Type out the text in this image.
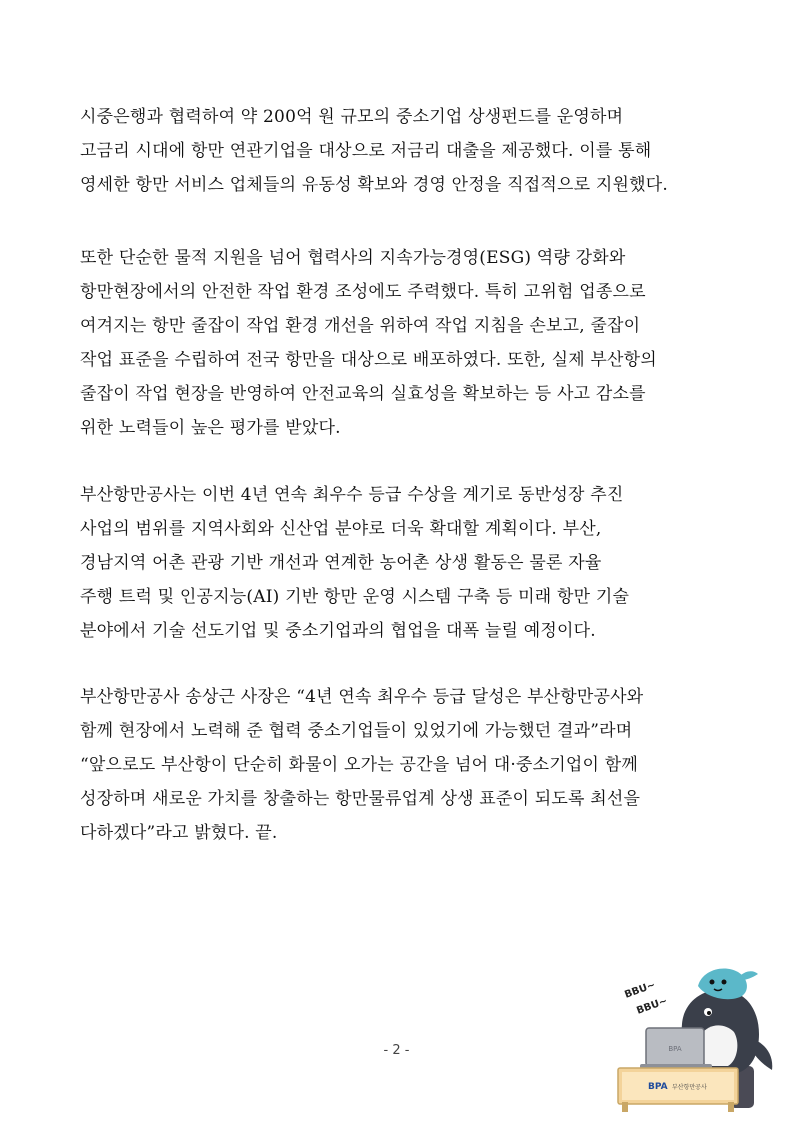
시중은행과 협력하여 약 200억 원 규모의 중소기업 상생펀드를 운영하며
고금리 시대에 항만 연관기업을 대상으로 저금리 대출을 제공했다. 이를 통해
영세한 항만 서비스 업체들의 유동성 확보와 경영 안정을 직접적으로 지원했다.
또한 단순한 물적 지원을 넘어 협력사의 지속가능경영(ESG) 역량 강화와
항만현장에서의 안전한 작업 환경 조성에도 주력했다. 특히 고위험 업종으로
여겨지는 항만 줄잡이 작업 환경 개선을 위하여 작업 지침을 손보고, 줄잡이
작업 표준을 수립하여 전국 항만을 대상으로 배포하였다. 또한, 실제 부산항의
줄잡이 작업 현장을 반영하여 안전교육의 실효성을 확보하는 등 사고 감소를
위한 노력들이 높은 평가를 받았다.
부산항만공사는 이번 4년 연속 최우수 등급 수상을 계기로 동반성장 추진
사업의 범위를 지역사회와 신산업 분야로 더욱 확대할 계획이다. 부산,
경남지역 어촌 관광 기반 개선과 연계한 농어촌 상생 활동은 물론 자율
주행 트럭 및 인공지능(AI) 기반 항만 운영 시스템 구축 등 미래 항만 기술
분야에서 기술 선도기업 및 중소기업과의 협업을 대폭 늘릴 예정이다.
부산항만공사 송상근 사장은 “4년 연속 최우수 등급 달성은 부산항만공사와
함께 현장에서 노력해 준 협력 중소기업들이 있었기에 가능했던 결과”라며
“앞으로도 부산항이 단순히 화물이 오가는 공간을 넘어 대·중소기업이 함께
성장하며 새로운 가치를 창출하는 항만물류업계 상생 표준이 되도록 최선을
다하겠다”라고 밝혔다. 끝.
- 2 -
BBU~
BBU~
BPA
BPA 부산항만공사
